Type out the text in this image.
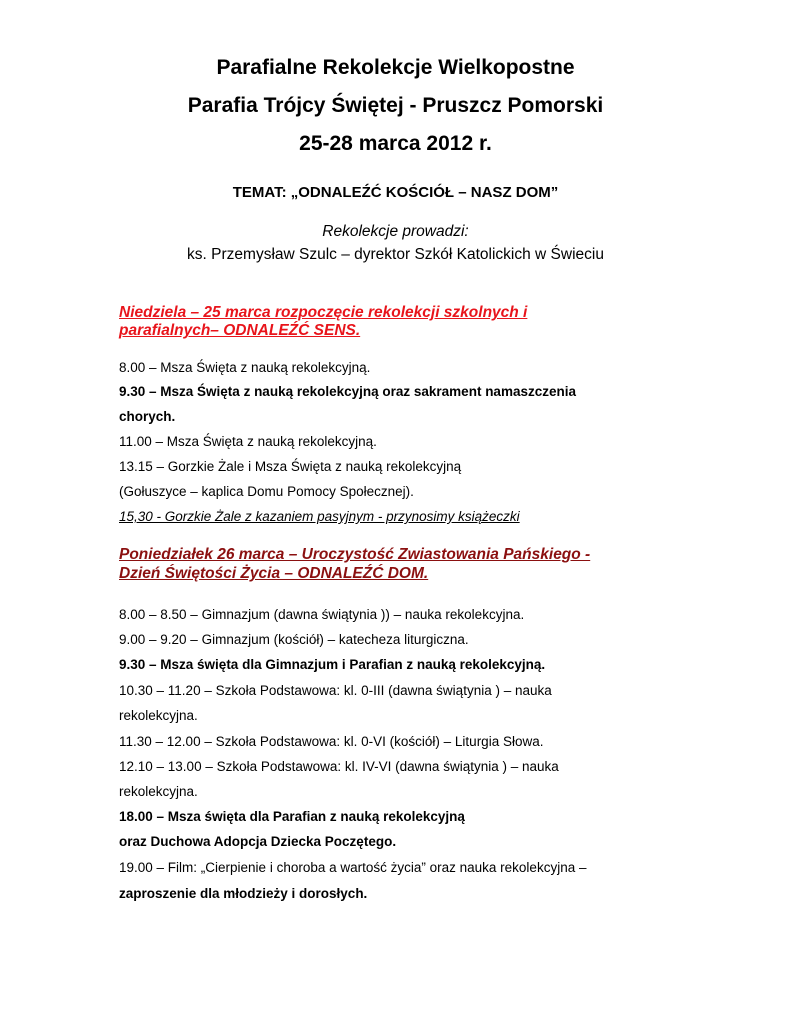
Parafialne Rekolekcje Wielkopostne
Parafia Trójcy Świętej - Pruszcz Pomorski
25-28 marca 2012 r.

TEMAT: „ODNALEŹĆ KOŚCIÓŁ – NASZ DOM”

Rekolekcje prowadzi:

ks. Przemysław Szulc – dyrektor Szkół Katolickich w Świeciu

Niedziela – 25 marca rozpoczęcie rekolekcji szkolnych i

parafialnych– ODNALEŹĆ SENS.

8.00 – Msza Święta z nauką rekolekcyjną.

9.30 – Msza Święta z nauką rekolekcyjną oraz sakrament namaszczenia

chorych.

11.00 – Msza Święta z nauką rekolekcyjną.

13.15 – Gorzkie Żale i Msza Święta z nauką rekolekcyjną

(Gołuszyce – kaplica Domu Pomocy Społecznej).

15,30 - Gorzkie Żale z kazaniem pasyjnym - przynosimy książeczki

Poniedziałek 26 marca – Uroczystość Zwiastowania Pańskiego -

Dzień Świętości Życia – ODNALEŹĆ DOM.

8.00 – 8.50 – Gimnazjum (dawna świątynia )) – nauka rekolekcyjna.

9.00 – 9.20 – Gimnazjum (kościół) – katecheza liturgiczna.

9.30 – Msza święta dla Gimnazjum i Parafian z nauką rekolekcyjną.

10.30 – 11.20 – Szkoła Podstawowa: kl. 0-III (dawna świątynia ) – nauka

rekolekcyjna.

11.30 – 12.00 – Szkoła Podstawowa: kl. 0-VI (kościół) – Liturgia Słowa.

12.10 – 13.00 – Szkoła Podstawowa: kl. IV-VI (dawna świątynia ) – nauka

rekolekcyjna.

18.00 – Msza święta dla Parafian z nauką rekolekcyjną

oraz Duchowa Adopcja Dziecka Poczętego.

19.00 – Film: „Cierpienie i choroba a wartość życia” oraz nauka rekolekcyjna –

zaproszenie dla młodzieży i dorosłych.
